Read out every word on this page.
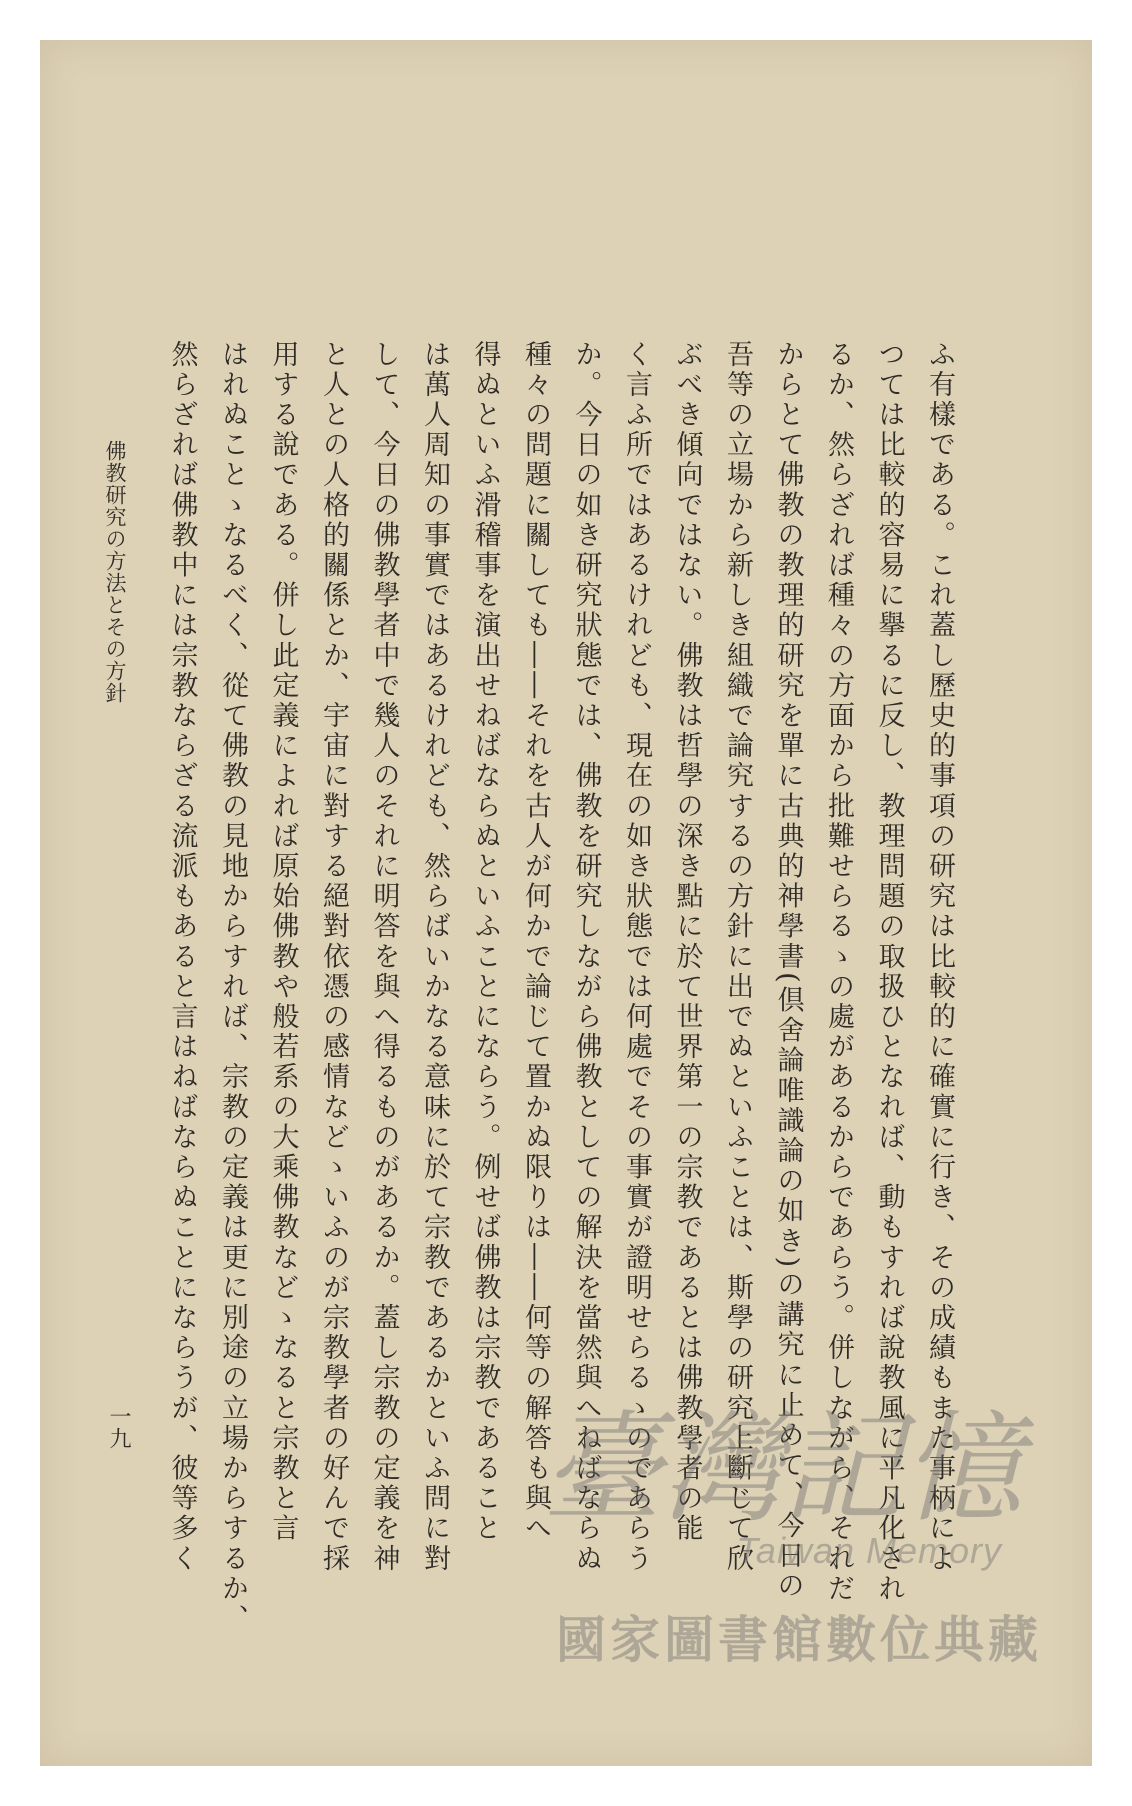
ふ有樣である。これ蓋し歷史的事項の研究は比較的に確實に行き、その成績もまた事柄によ
つては比較的容易に擧るに反し、教理問題の取扱ひとなれば、動もすれば說教風に平凡化され
るか、然らざれば種々の方面から批難せらるゝの處があるからであらう。併しながら、それだ
からとて佛教の教理的研究を單に古典的神學書(倶舍論唯識論の如き)の講究に止めて、今日の
吾等の立場から新しき組織で論究するの方針に出でぬといふことは、斯學の研究上斷じて欣
ぶべき傾向ではない。佛教は哲學の深き點に於て世界第一の宗教であるとは佛教學者の能
く言ふ所ではあるけれども、現在の如き狀態では何處でその事實が證明せらるゝのであらう
か。今日の如き研究狀態では、佛教を研究しながら佛教としての解決を當然與へねばならぬ
種々の問題に關しても――それを古人が何かで論じて置かぬ限りは――何等の解答も與へ
得ぬといふ滑稽事を演出せねばならぬといふことにならう。例せば佛教は宗教であること
は萬人周知の事實ではあるけれども、然らばいかなる意味に於て宗教であるかといふ問に對
して、今日の佛教學者中で幾人のそれに明答を與へ得るものがあるか。蓋し宗教の定義を神
と人との人格的關係とか、宇宙に對する絕對依憑の感情などゝいふのが宗教學者の好んで採
用する說である。併し此定義によれば原始佛教や般若系の大乘佛教などゝなると宗教と言
はれぬことゝなるべく、從て佛教の見地からすれば、宗教の定義は更に別途の立場からするか、
然らざれば佛教中には宗教ならざる流派もあると言はねばならぬことにならうが、彼等多く
佛教研究の方法とその方針
一九	臺灣記憶
Taiwan Memory
國家圖書館數位典藏
